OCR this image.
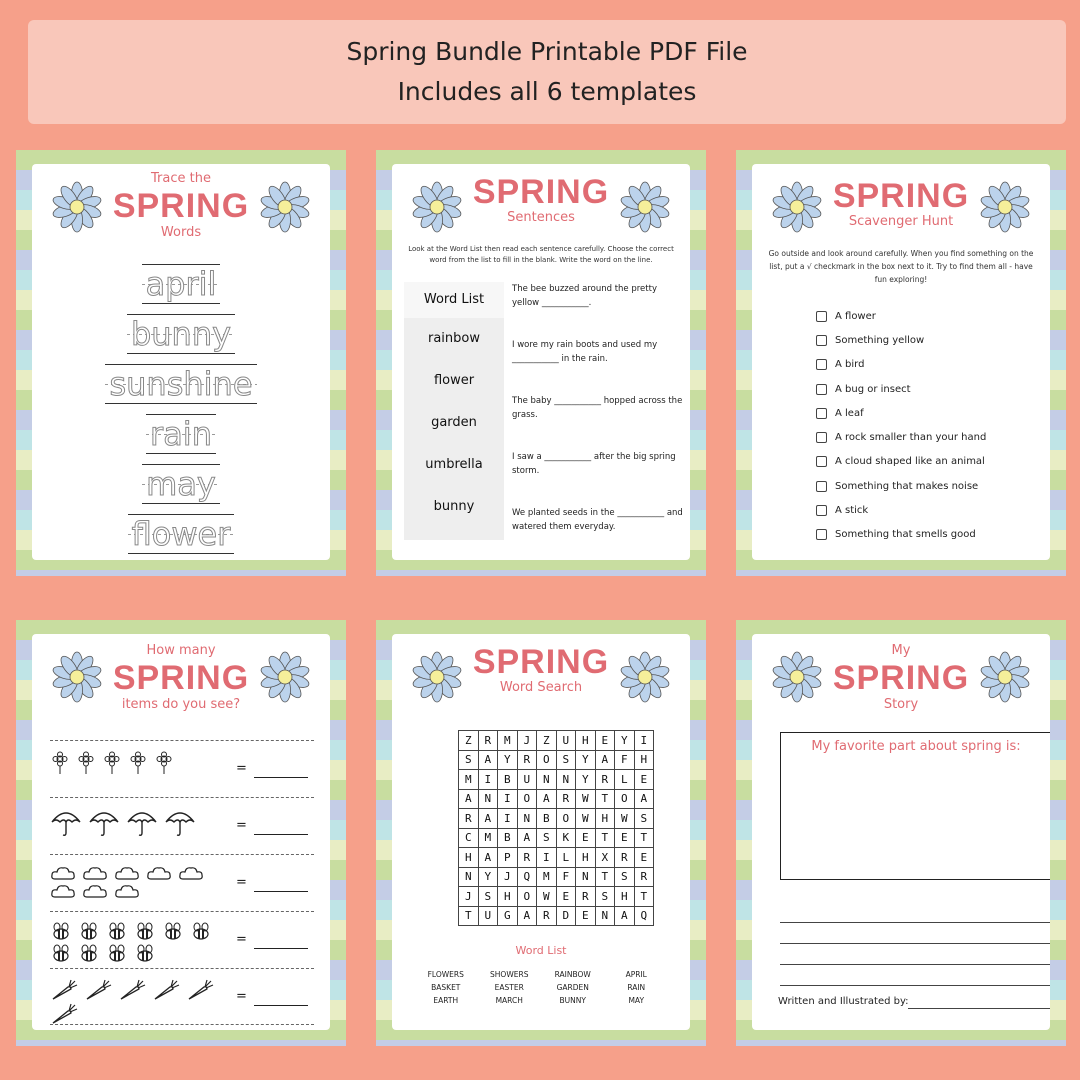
Spring Bundle Printable PDF File
Includes all 6 templates
Trace the
SPRING
Words
april
bunny
sunshine
rain
may
flower
SPRING
Sentences
Look at the Word List then read each sentence carefully. Choose the correct word from the list to fill in the blank. Write the word on the line.
Word List
rainbow
flower
garden
umbrella
bunny
The bee buzzed around the pretty yellow ___________.
I wore my rain boots and used my ___________ in the rain.
The baby ___________ hopped across the grass.
I saw a ___________ after the big spring storm.
We planted seeds in the ___________ and watered them everyday.
SPRING
Scavenger Hunt
Go outside and look around carefully. When you find something on the list, put a √ checkmark in the box next to it. Try to find them all - have fun exploring!
A flower
Something yellow
A bird
A bug or insect
A leaf
A rock smaller than your hand
A cloud shaped like an animal
Something that makes noise
A stick
Something that smells good
How many
SPRING
items do you see?
=
=
=
=
=
SPRING
Word Search
Z	R	M	J	Z	U	H	E	Y	I
S	A	Y	R	O	S	Y	A	F	H
M	I	B	U	N	N	Y	R	L	E
A	N	I	O	A	R	W	T	O	A
R	A	I	N	B	O	W	H	W	S
C	M	B	A	S	K	E	T	E	T
H	A	P	R	I	L	H	X	R	E
N	Y	J	Q	M	F	N	T	S	R
J	S	H	O	W	E	R	S	H	T
T	U	G	A	R	D	E	N	A	Q
Word List
FLOWERS	SHOWERS	RAINBOW	APRIL
BASKET	EASTER	GARDEN	RAIN
EARTH	MARCH	BUNNY	MAY
My
SPRING
Story
My favorite part about spring is:
Written and Illustrated by:
